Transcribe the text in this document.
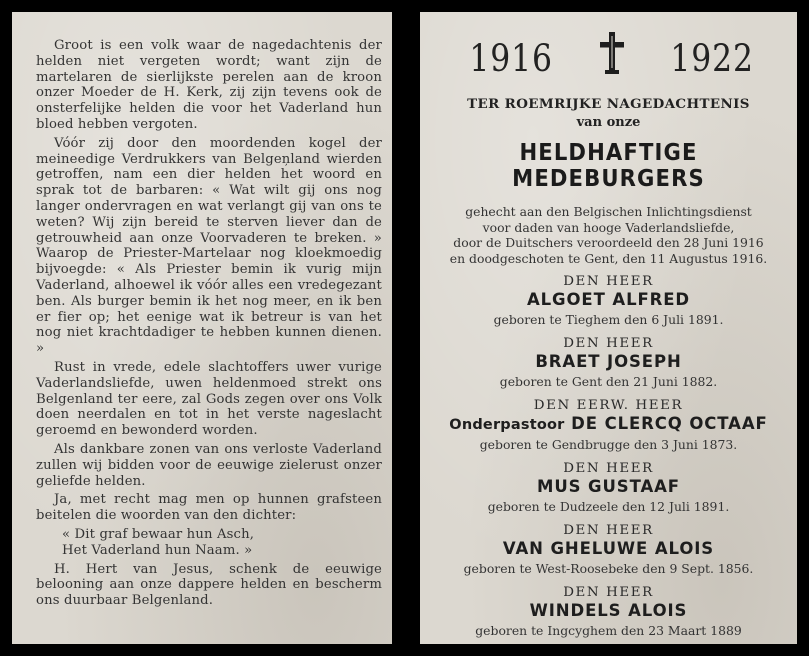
Groot is een volk waar de nagedachtenis der helden niet vergeten wordt; want zijn de martelaren de sierlijkste perelen aan de kroon onzer Moeder de H. Kerk, zij zijn tevens ook de onsterfelijke helden die voor het Vaderland hun bloed hebben vergoten.

Vóór zij door den moordenden kogel der meineedige Verdrukkers van Belgeņland wierden getroffen, nam een dier helden het woord en sprak tot de barbaren: « Wat wilt gij ons nog langer ondervragen en wat verlangt gij van ons te weten? Wij zijn bereid te sterven liever dan de getrouwheid aan onze Voorvaderen te breken. » Waarop de Priester-Martelaar nog kloekmoedig bijvoegde: « Als Priester bemin ik vurig mijn Vaderland, alhoewel ik vóór alles een vredegezant ben. Als burger bemin ik het nog meer, en ik ben er fier op; het eenige wat ik betreur is van het nog niet krachtdadiger te hebben kunnen dienen. »

Rust in vrede, edele slachtoffers uwer vurige Vaderlandsliefde, uwen heldenmoed strekt ons Belgenland ter eere, zal Gods zegen over ons Volk doen neerdalen en tot in het verste nageslacht geroemd en bewonderd worden.

Als dankbare zonen van ons verloste Vaderland zullen wij bidden voor de eeuwige zielerust onzer geliefde helden.

Ja, met recht mag men op hunnen grafsteen beitelen die woorden van den dichter:

« Dit graf bewaar hun Asch,

Het Vaderland hun Naam. »

H. Hert van Jesus, schenk de eeuwige belooning aan onze dappere helden en bescherm ons duurbaar Belgenland.

1916	1922
TER ROEMRIJKE NAGEDACHTENIS
van onze
HELDHAFTIGE MEDEBURGERS
gehecht aan den Belgischen Inlichtingsdienst
voor daden van hooge Vaderlandsliefde,
door de Duitschers veroordeeld den 28 Juni 1916
en doodgeschoten te Gent, den 11 Augustus 1916.
DEN HEER
ALGOET ALFRED
geboren te Tieghem den 6 Juli 1891.
DEN HEER
BRAET JOSEPH
geboren te Gent den 21 Juni 1882.
DEN EERW. HEER
Onderpastoor DE CLERCQ OCTAAF
geboren te Gendbrugge den 3 Juni 1873.
DEN HEER
MUS GUSTAAF
geboren te Dudzeele den 12 Juli 1891.
DEN HEER
VAN GHELUWE ALOIS
geboren te West-Roosebeke den 9 Sept. 1856.
DEN HEER
WINDELS ALOIS
geboren te Ingcyghem den 23 Maart 1889
